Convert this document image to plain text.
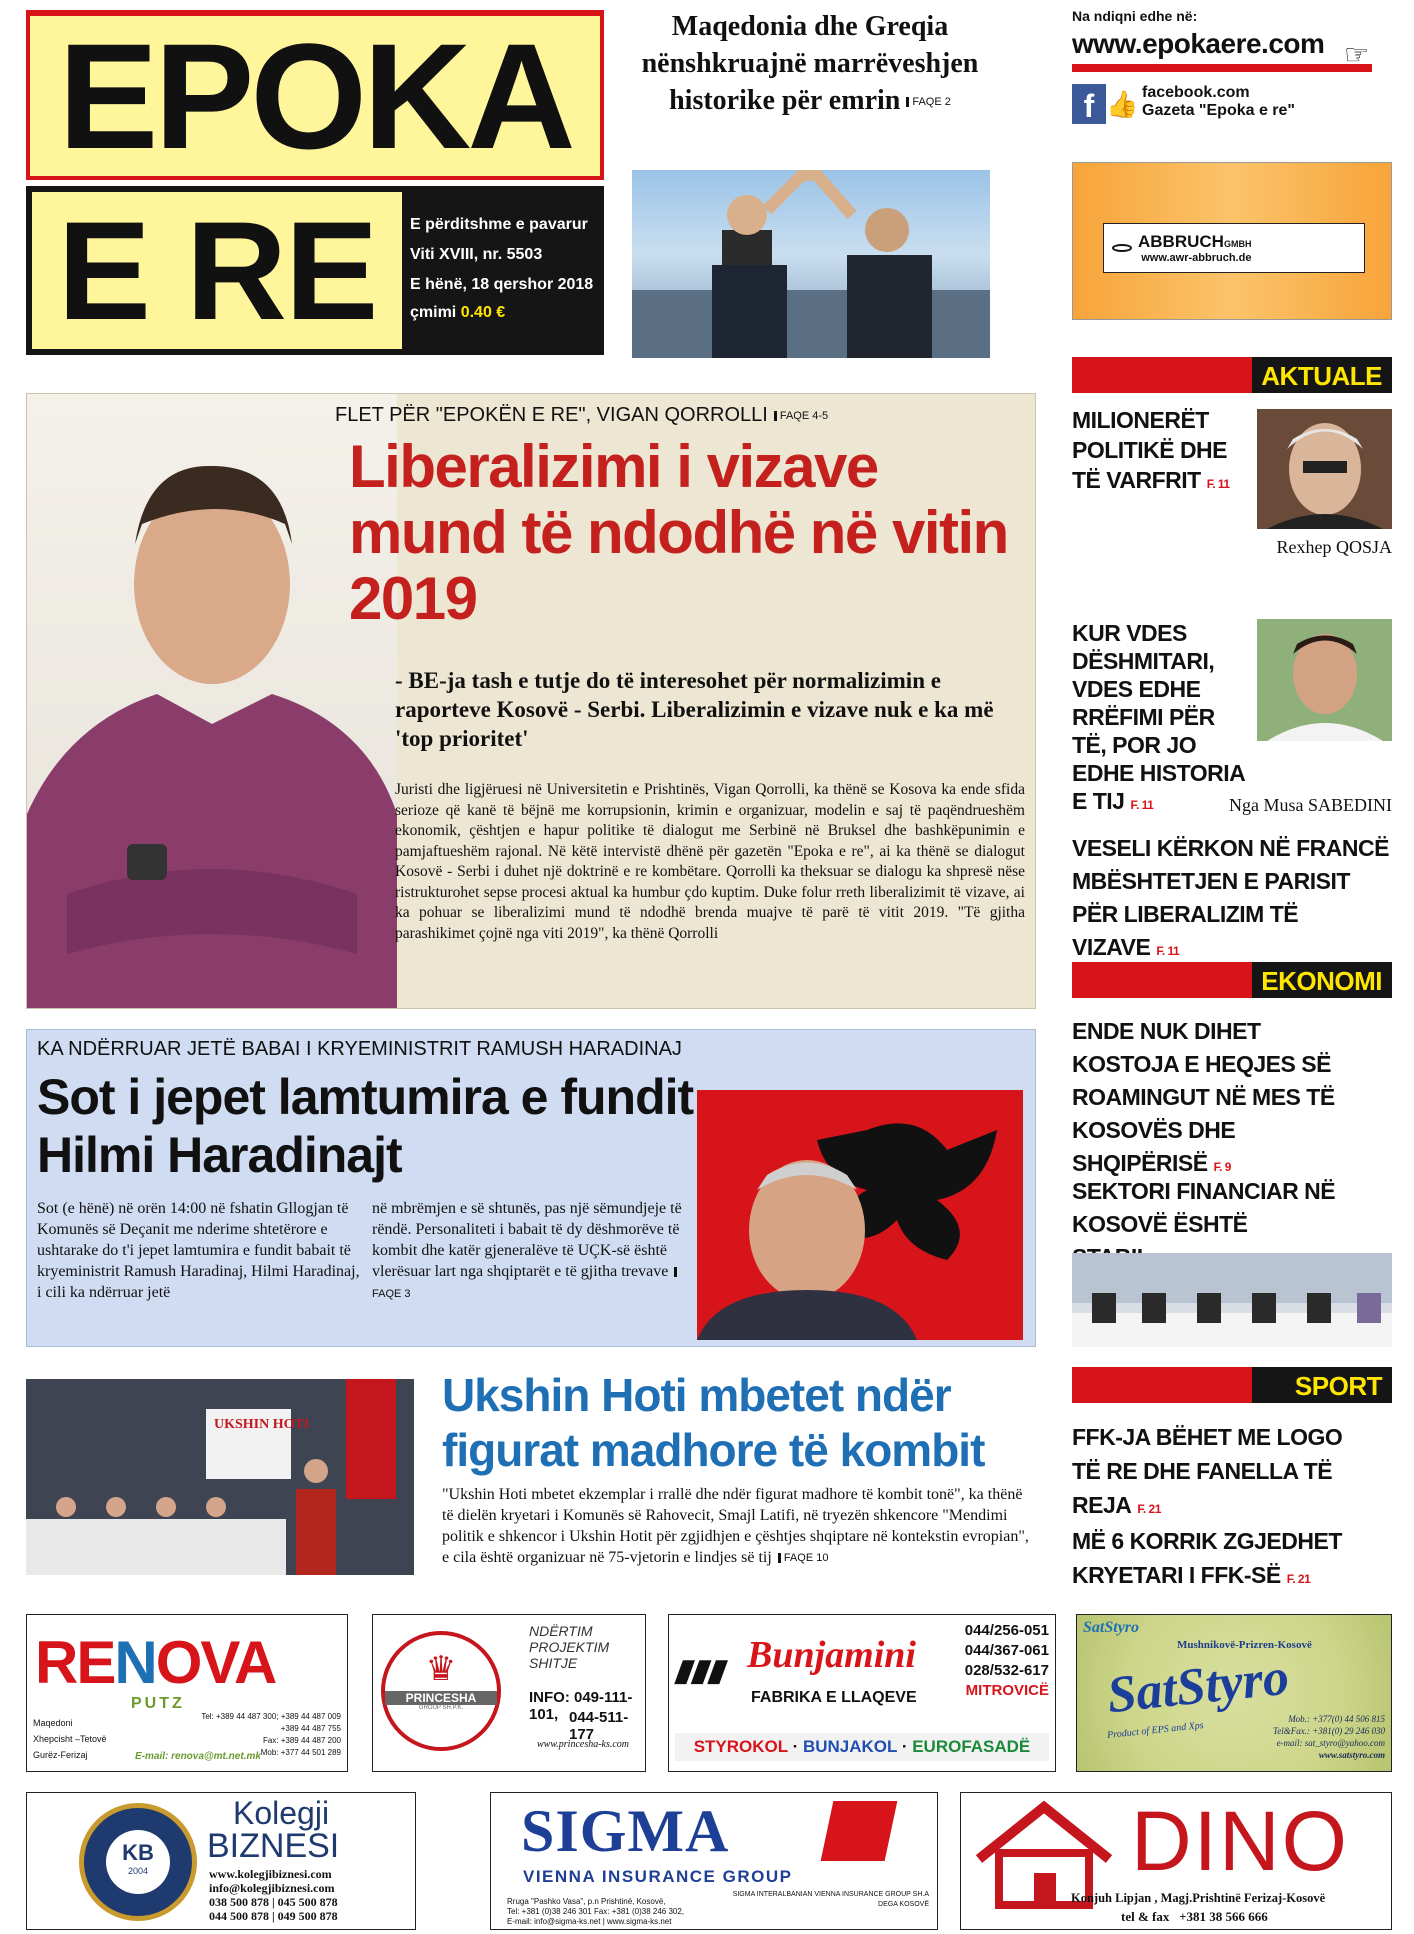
EPOKA
E RE	E përditshme e pavarur
Viti XVIII, nr. 5503
E hënë, 18 qershor 2018
çmimi 0.40 €
Maqedonia dhe Greqia nënshkruajnë marrëveshjen historike për emrin FAQE 2
Na ndiqni edhe në:
www.epokaere.com ☞
f 👍 facebook.com
Gazeta "Epoka e re"
ABBRUCHGMBH
www.awr-abbruch.de
FLET PËR "EPOKËN E RE", VIGAN QORROLLI FAQE 4-5
Liberalizimi i vizave mund të ndodhë në vitin 2019
- BE-ja tash e tutje do të interesohet për normalizimin e raporteve Kosovë - Serbi. Liberalizimin e vizave nuk e ka më 'top prioritet'

Juristi dhe ligjëruesi në Universitetin e Prishtinës, Vigan Qorrolli, ka thënë se Kosova ka ende sfida serioze që kanë të bëjnë me korrupsionin, krimin e organizuar, modelin e saj të paqëndrueshëm ekonomik, çështjen e hapur politike të dialogut me Serbinë në Bruksel dhe bashkëpunimin e pamjaftueshëm rajonal. Në këtë intervistë dhënë për gazetën "Epoka e re", ai ka thënë se dialogut Kosovë - Serbi i duhet një doktrinë e re kombëtare. Qorrolli ka theksuar se dialogu ka shpresë nëse ristrukturohet sepse procesi aktual ka humbur çdo kuptim. Duke folur rreth liberalizimit të vizave, ai ka pohuar se liberalizimi mund të ndodhë brenda muajve të parë të vitit 2019. "Të gjitha parashikimet çojnë nga viti 2019", ka thënë Qorrolli

KA NDËRRUAR JETË BABAI I KRYEMINISTRIT RAMUSH HARADINAJ
Sot i jepet lamtumira e fundit Hilmi Haradinajt

Sot (e hënë) në orën 14:00 në fshatin Gllogjan të Komunës së Deçanit me nderime shtetërore e ushtarake do t'i jepet lamtumira e fundit babait të kryeministrit Ramush Haradinaj, Hilmi Haradinaj, i cili ka ndërruar jetë

në mbrëmjen e së shtunës, pas një sëmundjeje të rëndë. Personaliteti i babait të dy dëshmorëve të kombit dhe katër gjeneralëve të UÇK-së është vlerësuar lart nga shqiptarët e të gjitha trevaveFAQE 3

UKSHIN HOTI
Ukshin Hoti mbetet ndër figurat madhore të kombit

"Ukshin Hoti mbetet ekzemplar i rrallë dhe ndër figurat madhore të kombit tonë", ka thënë të dielën kryetari i Komunës së Rahovecit, Smajl Latifi, në tryezën shkencore "Mendimi politik e shkencor i Ukshin Hotit për zgjidhjen e çështjes shqiptare në kontekstin evropian", e cila është organizuar në 75-vjetorin e lindjes së tij FAQE 10

AKTUALE
MILIONERËT POLITIKË DHE TË VARFRIT F. 11
Rexhep QOSJA
KUR VDES DËSHMITARI, VDES EDHE RRËFIMI PËR TË, POR JO EDHE HISTORIA E TIJ F. 11	Nga Musa SABEDINI
VESELI KËRKON NË FRANCË MBËSHTETJEN E PARISIT PËR LIBERALIZIM TË VIZAVE F. 11
EKONOMI
ENDE NUK DIHET KOSTOJA E HEQJES SË ROAMINGUT NË MES TË KOSOVËS DHE SHQIPËRISË F. 9
SEKTORI FINANCIAR NË KOSOVË ËSHTË
SPORT
FFK-JA BËHET ME LOGO TË RE DHE FANELLA TË REJA F. 21
MË 6 KORRIK ZGJEDHET KRYETARI I FFK-SË F. 21
RENOVA
PUTZ
Maqedoni
Xhepcisht –Tetovë
Gurëz-Ferizaj
Tel: +389 44 487 300; +389 44 487 009
+389 44 487 755
Fax: +389 44 487 200
Mob: +377 44 501 289
E-mail: renova@mt.net.mk
♛
PRINCESHA
GROUP SH.P.K.
NDËRTIM
PROJEKTIM
SHITJE
INFO: 049-111-101, 044-511-177
www.princesha-ks.com
▮▮▮ Bunjamini
FABRIKA E LLAQEVE
044/256-051
044/367-061
028/532-617
MITROVICË
STYROKOL · BUNJAKOL · EUROFASADË
SatStyro
Mushnikovë-Prizren-Kosovë
SatStyro
Product of EPS and Xps
Mob.: +377(0) 44 506 815
Tel&Fax.: +381(0) 29 246 030
e-mail: sat_styro@yahoo.com
www.satstyro.com
KB
2004
Kolegji
BIZNESI
www.kolegjibiznesi.com
info@kolegjibiznesi.com
038 500 878 | 045 500 878
044 500 878 | 049 500 878
SIGMA
VIENNA INSURANCE GROUP
SIGMA INTERALBANIAN VIENNA INSURANCE GROUP SH.A
DEGA KOSOVË
Rruga "Pashko Vasa", p.n Prishtinë, Kosovë,
Tel: +381 (0)38 246 301 Fax: +381 (0)38 246 302,
E-mail: info@sigma-ks.net | www.sigma-ks.net
DINO
Konjuh Lipjan , Magj.Prishtinë Ferizaj-Kosovë
tel & fax   +381 38 566 666
